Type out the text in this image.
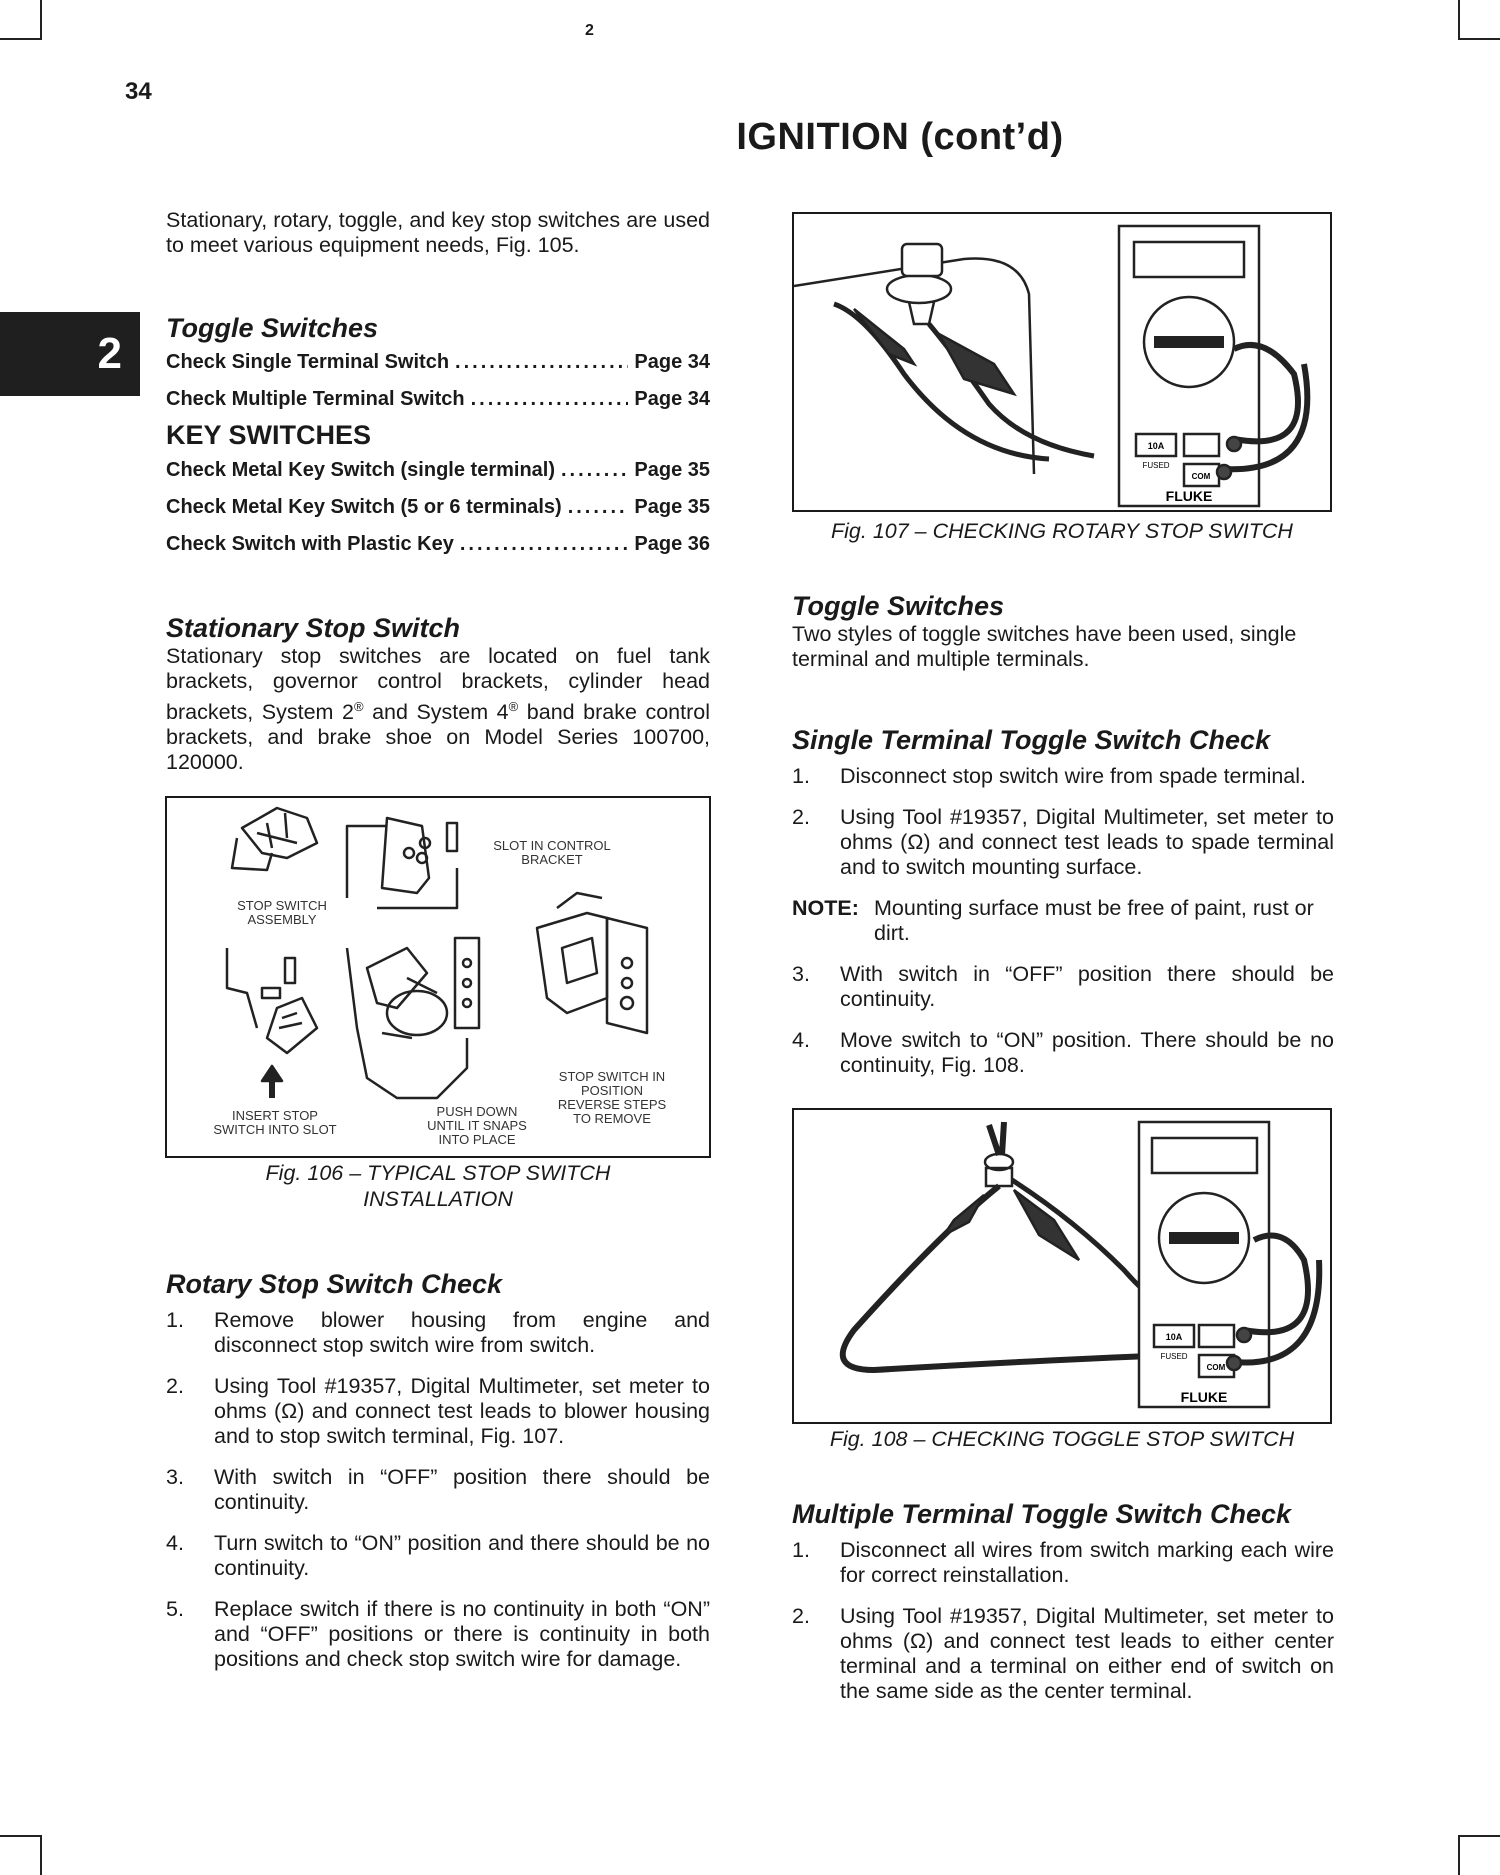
2
34
IGNITION (cont’d)
2

Stationary, rotary, toggle, and key stop switches are used to meet various equipment needs, Fig. 105.

Toggle Switches
Check Single Terminal Switch .....	Page 34
Check Multiple Terminal Switch .....	Page 34
KEY SWITCHES
Check Metal Key Switch (single terminal) .....	Page 35
Check Metal Key Switch (5 or 6 terminals) .....	Page 35
Check Switch with Plastic Key .....	Page 36
Stationary Stop Switch

Stationary stop switches are located on fuel tank brackets, governor control brackets, cylinder head brackets, System 2® and System 4® band brake control brackets, and brake shoe on Model Series 100700, 120000.

SLOT IN CONTROL
BRACKET
STOP SWITCH
ASSEMBLY
STOP SWITCH IN
POSITION
REVERSE STEPS
TO REMOVE
INSERT STOP
SWITCH INTO SLOT
PUSH DOWN
UNTIL IT SNAPS
INTO PLACE
Fig. 106 – TYPICAL STOP SWITCH
INSTALLATION
Rotary Stop Switch Check
1.	Remove blower housing from engine and disconnect stop switch wire from switch.
2.	Using Tool #19357, Digital Multimeter, set meter to ohms (Ω) and connect test leads to blower housing and to stop switch terminal, Fig. 107.
3.	With switch in “OFF” position there should be continuity.
4.	Turn switch to “ON” position and there should be no continuity.
5.	Replace switch if there is no continuity in both “ON” and “OFF” positions or there is continuity in both positions and check stop switch wire for damage.
FLUKE
10A
FUSED
COM
Fig. 107 – CHECKING ROTARY STOP SWITCH
Toggle Switches

Two styles of toggle switches have been used, single terminal and multiple terminals.

Single Terminal Toggle Switch Check
1.	Disconnect stop switch wire from spade terminal.
2.	Using Tool #19357, Digital Multimeter, set meter to ohms (Ω) and connect test leads to spade terminal and to switch mounting surface.
NOTE: Mounting surface must be free of paint, rust or dirt.
3.	With switch in “OFF” position there should be continuity.
4.	Move switch to “ON” position. There should be no continuity, Fig. 108.
FLUKE
10A
FUSED
COM
Fig. 108 – CHECKING TOGGLE STOP SWITCH
Multiple Terminal Toggle Switch Check
1.	Disconnect all wires from switch marking each wire for correct reinstallation.
2.	Using Tool #19357, Digital Multimeter, set meter to ohms (Ω) and connect test leads to either center terminal and a terminal on either end of switch on the same side as the center terminal.
